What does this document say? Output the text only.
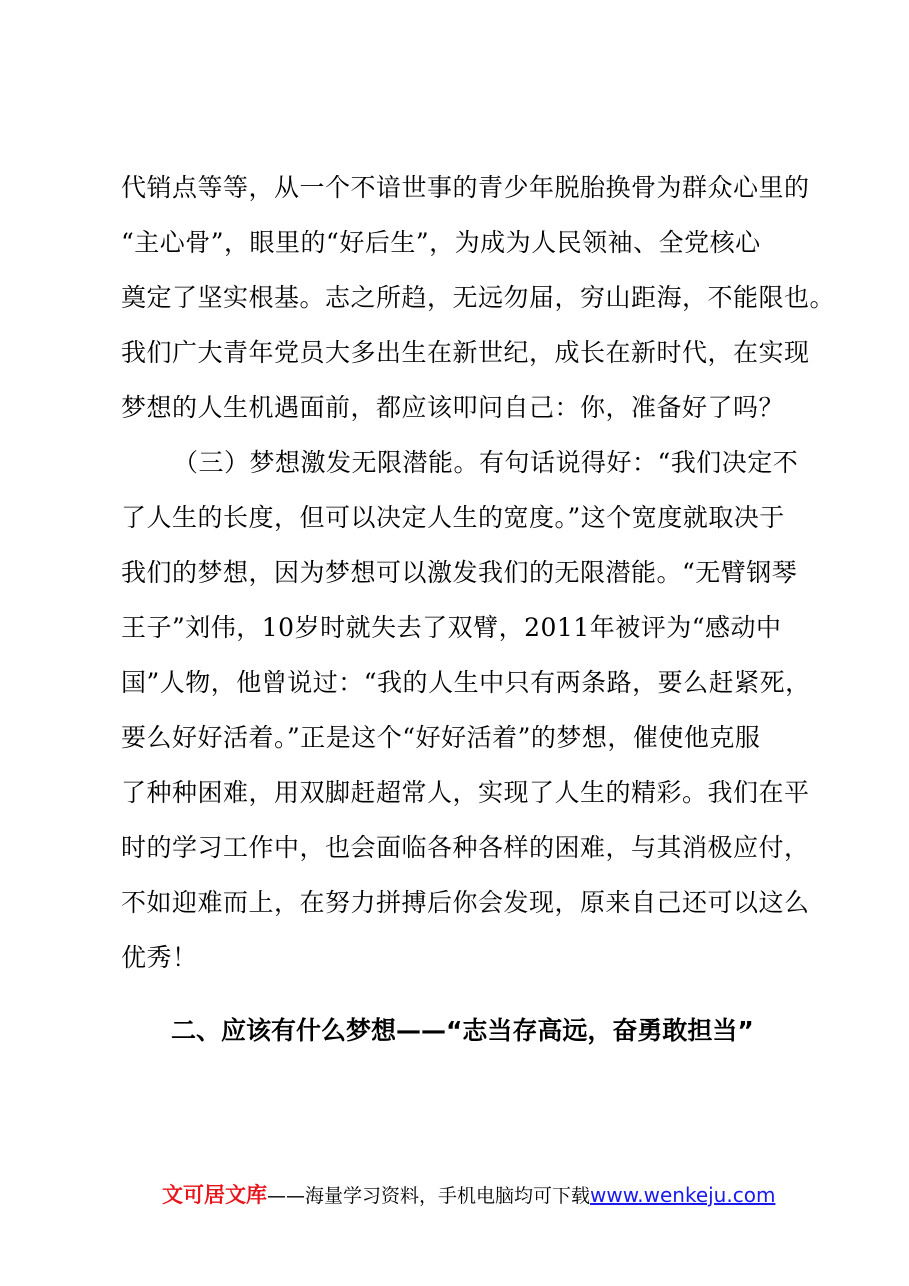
代销点等等，从一个不谙世事的青少年脱胎换骨为群众心里的
“主心骨”，眼里的“好后生”，为成为人民领袖、全党核心
奠定了坚实根基。志之所趋，无远勿届，穷山距海，不能限也。
我们广大青年党员大多出生在新世纪，成长在新时代，在实现
梦想的人生机遇面前，都应该叩问自己：你，准备好了吗？
（三）梦想激发无限潜能。有句话说得好：“我们决定不
了人生的长度，但可以决定人生的宽度。”这个宽度就取决于
我们的梦想，因为梦想可以激发我们的无限潜能。“无臂钢琴
王子”刘伟，10岁时就失去了双臂，2011年被评为“感动中
国”人物，他曾说过：“我的人生中只有两条路，要么赶紧死，
要么好好活着。”正是这个“好好活着”的梦想，催使他克服
了种种困难，用双脚赶超常人，实现了人生的精彩。我们在平
时的学习工作中，也会面临各种各样的困难，与其消极应付，
不如迎难而上，在努力拼搏后你会发现，原来自己还可以这么
优秀！
二、应该有什么梦想——“志当存高远，奋勇敢担当”
文可居文库——海量学习资料，手机电脑均可下载www.wenkeju.com
